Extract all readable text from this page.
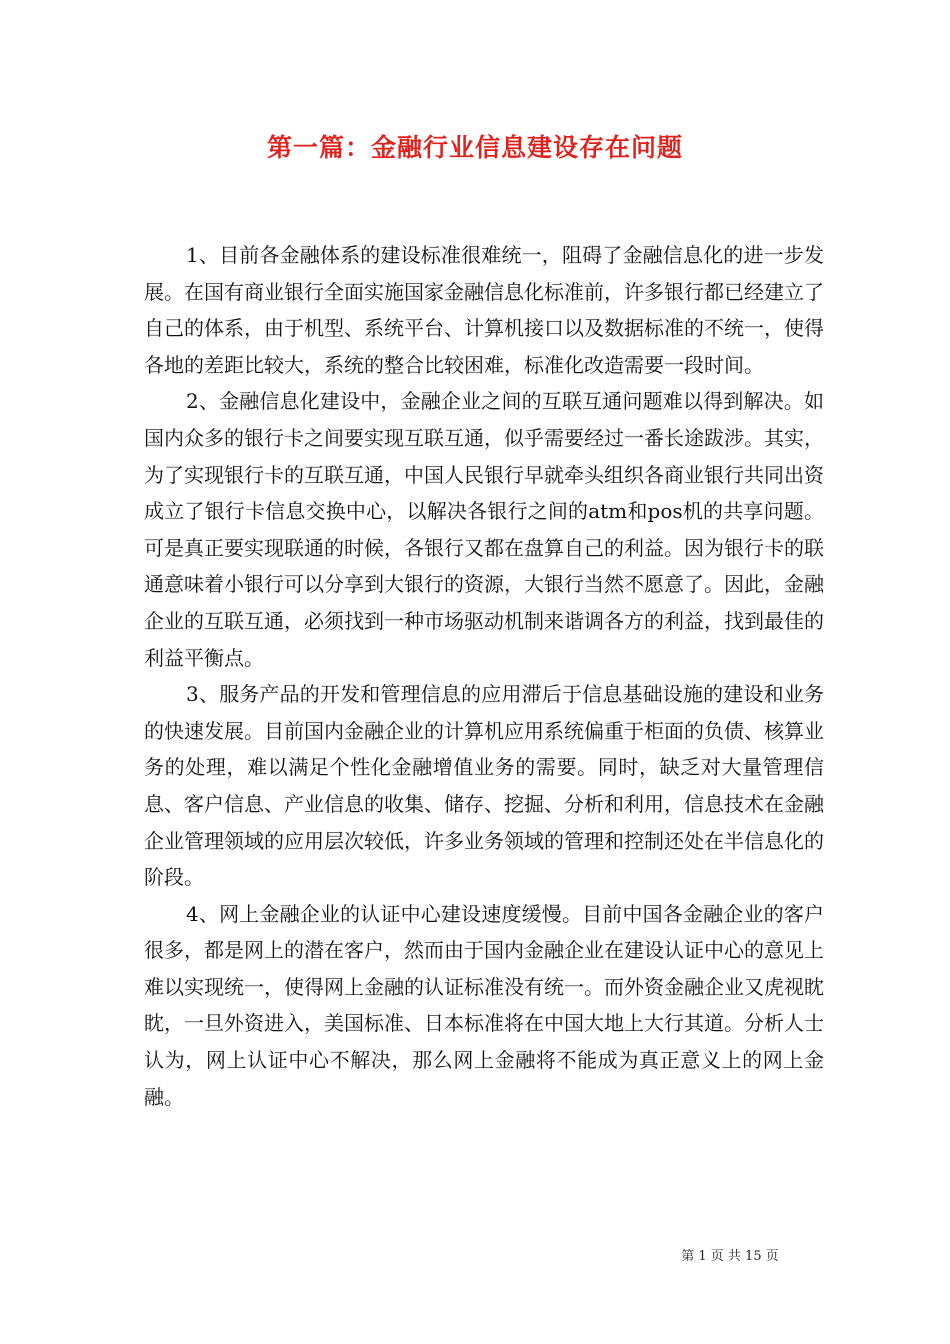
第一篇：金融行业信息建设存在问题

1、目前各金融体系的建设标准很难统一，阻碍了金融信息化的进一步发展。在国有商业银行全面实施国家金融信息化标准前，许多银行都已经建立了自己的体系，由于机型、系统平台、计算机接口以及数据标准的不统一，使得各地的差距比较大，系统的整合比较困难，标准化改造需要一段时间。

2、金融信息化建设中，金融企业之间的互联互通问题难以得到解决。如国内众多的银行卡之间要实现互联互通，似乎需要经过一番长途跋涉。其实，为了实现银行卡的互联互通，中国人民银行早就牵头组织各商业银行共同出资成立了银行卡信息交换中心，以解决各银行之间的atm和pos机的共享问题。可是真正要实现联通的时候，各银行又都在盘算自己的利益。因为银行卡的联通意味着小银行可以分享到大银行的资源，大银行当然不愿意了。因此，金融企业的互联互通，必须找到一种市场驱动机制来谐调各方的利益，找到最佳的利益平衡点。

3、服务产品的开发和管理信息的应用滞后于信息基础设施的建设和业务的快速发展。目前国内金融企业的计算机应用系统偏重于柜面的负债、核算业务的处理，难以满足个性化金融增值业务的需要。同时，缺乏对大量管理信息、客户信息、产业信息的收集、储存、挖掘、分析和利用，信息技术在金融企业管理领域的应用层次较低，许多业务领域的管理和控制还处在半信息化的阶段。

4、网上金融企业的认证中心建设速度缓慢。目前中国各金融企业的客户很多，都是网上的潜在客户，然而由于国内金融企业在建设认证中心的意见上难以实现统一，使得网上金融的认证标准没有统一。而外资金融企业又虎视眈眈，一旦外资进入，美国标准、日本标准将在中国大地上大行其道。分析人士认为，网上认证中心不解决，那么网上金融将不能成为真正意义上的网上金融。

第 1 页 共 15 页
